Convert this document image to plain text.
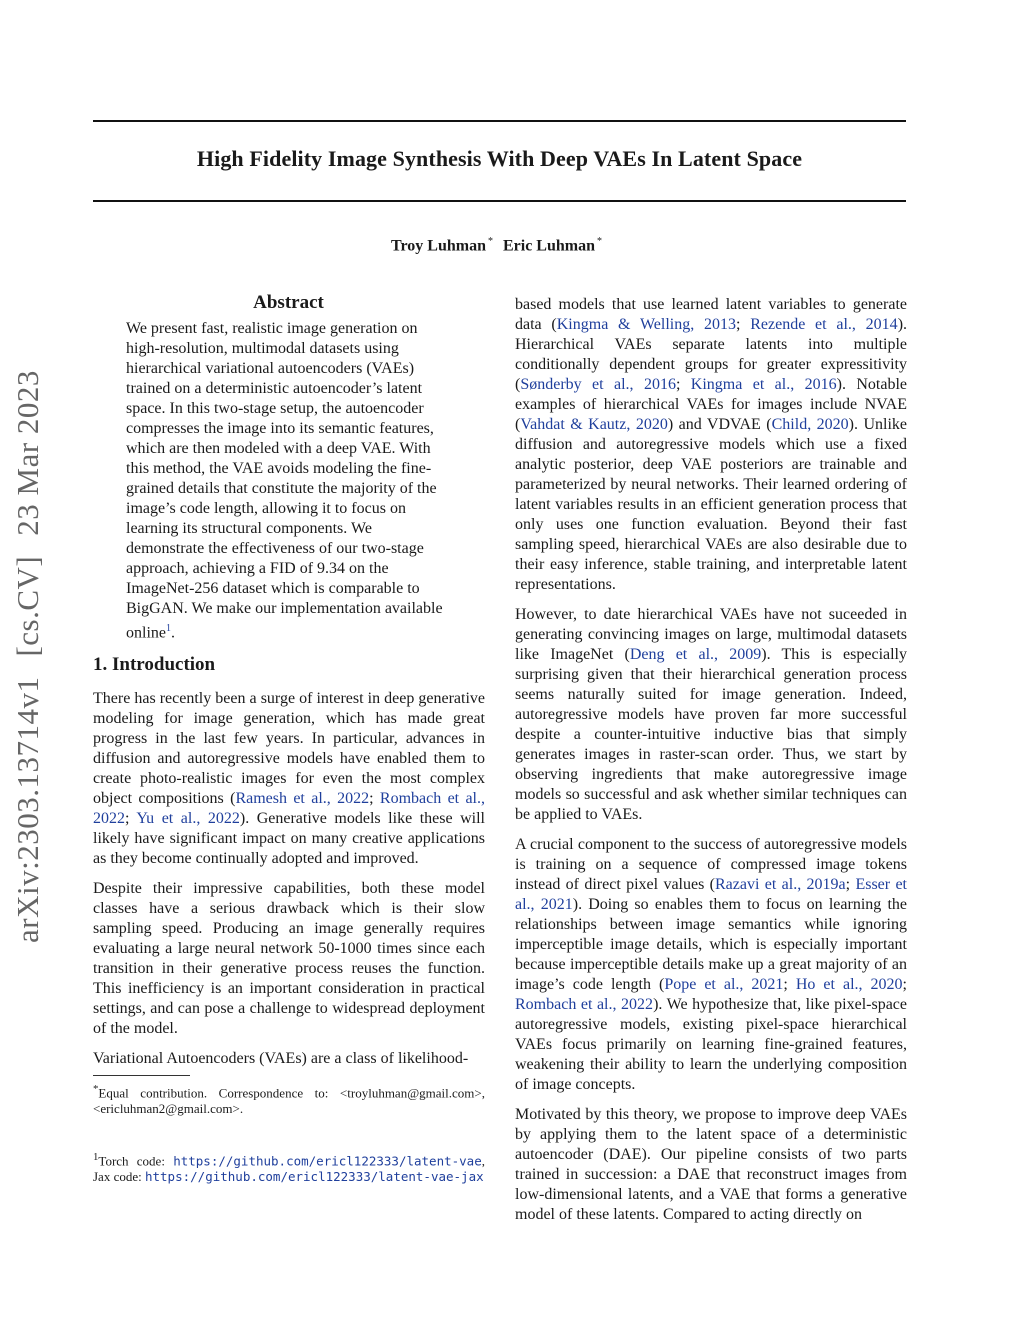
High Fidelity Image Synthesis With Deep VAEs In Latent Space
Troy Luhman * Eric Luhman *
arXiv:2303.13714v1[cs.CV]23 Mar 2023
Abstract

We present fast, realistic image generation on high-resolution, multimodal datasets using hierarchical variational autoencoders (VAEs) trained on a deterministic autoencoder’s latent space. In this two-stage setup, the autoencoder compresses the image into its semantic features, which are then modeled with a deep VAE. With this method, the VAE avoids modeling the fine-grained details that constitute the majority of the image’s code length, allowing it to focus on learning its structural components. We demonstrate the effectiveness of our two-stage approach, achieving a FID of 9.34 on the ImageNet-256 dataset which is comparable to BigGAN. We make our implementation available online$^1$.

1. Introduction

There has recently been a surge of interest in deep generative modeling for image generation, which has made great progress in the last few years. In particular, advances in diffusion and autoregressive models have enabled them to create photo-realistic images for even the most complex object compositions (Ramesh et al., 2022; Rombach et al., 2022; Yu et al., 2022). Generative models like these will likely have significant impact on many creative applications as they become continually adopted and improved.

Despite their impressive capabilities, both these model classes have a serious drawback which is their slow sampling speed. Producing an image generally requires evaluating a large neural network 50-1000 times since each transition in their generative process reuses the function. This inefficiency is an important consideration in practical settings, and can pose a challenge to widespread deployment of the model.

Variational Autoencoders (VAEs) are a class of likelihood-

*Equal contribution. Correspondence to: <troyluhman@gmail.com>, <ericluhman2@gmail.com>.
$^1$Torch code: https://github.com/ericl122333/latent-vae, Jax code: https://github.com/ericl122333/latent-vae-jax

based models that use learned latent variables to generate data (Kingma & Welling, 2013; Rezende et al., 2014). Hierarchical VAEs separate latents into multiple conditionally dependent groups for greater expressitivity (Sønderby et al., 2016; Kingma et al., 2016). Notable examples of hierarchical VAEs for images include NVAE (Vahdat & Kautz, 2020) and VDVAE (Child, 2020). Unlike diffusion and autoregressive models which use a fixed analytic posterior, deep VAE posteriors are trainable and parameterized by neural networks. Their learned ordering of latent variables results in an efficient generation process that only uses one function evaluation. Beyond their fast sampling speed, hierarchical VAEs are also desirable due to their easy inference, stable training, and interpretable latent representations.

However, to date hierarchical VAEs have not suceeded in generating convincing images on large, multimodal datasets like ImageNet (Deng et al., 2009). This is especially surprising given that their hierarchical generation process seems naturally suited for image generation. Indeed, autoregressive models have proven far more successful despite a counter-intuitive inductive bias that simply generates images in raster-scan order. Thus, we start by observing ingredients that make autoregressive image models so successful and ask whether similar techniques can be applied to VAEs.

A crucial component to the success of autoregressive models is training on a sequence of compressed image tokens instead of direct pixel values (Razavi et al., 2019a; Esser et al., 2021). Doing so enables them to focus on learning the relationships between image semantics while ignoring imperceptible image details, which is especially important because imperceptible details make up a great majority of an image’s code length (Pope et al., 2021; Ho et al., 2020; Rombach et al., 2022). We hypothesize that, like pixel-space autoregressive models, existing pixel-space hierarchical VAEs focus primarily on learning fine-grained features, weakening their ability to learn the underlying composition of image concepts.

Motivated by this theory, we propose to improve deep VAEs by applying them to the latent space of a deterministic autoencoder (DAE). Our pipeline consists of two parts trained in succession: a DAE that reconstruct images from low-dimensional latents, and a VAE that forms a generative model of these latents. Compared to acting directly on
